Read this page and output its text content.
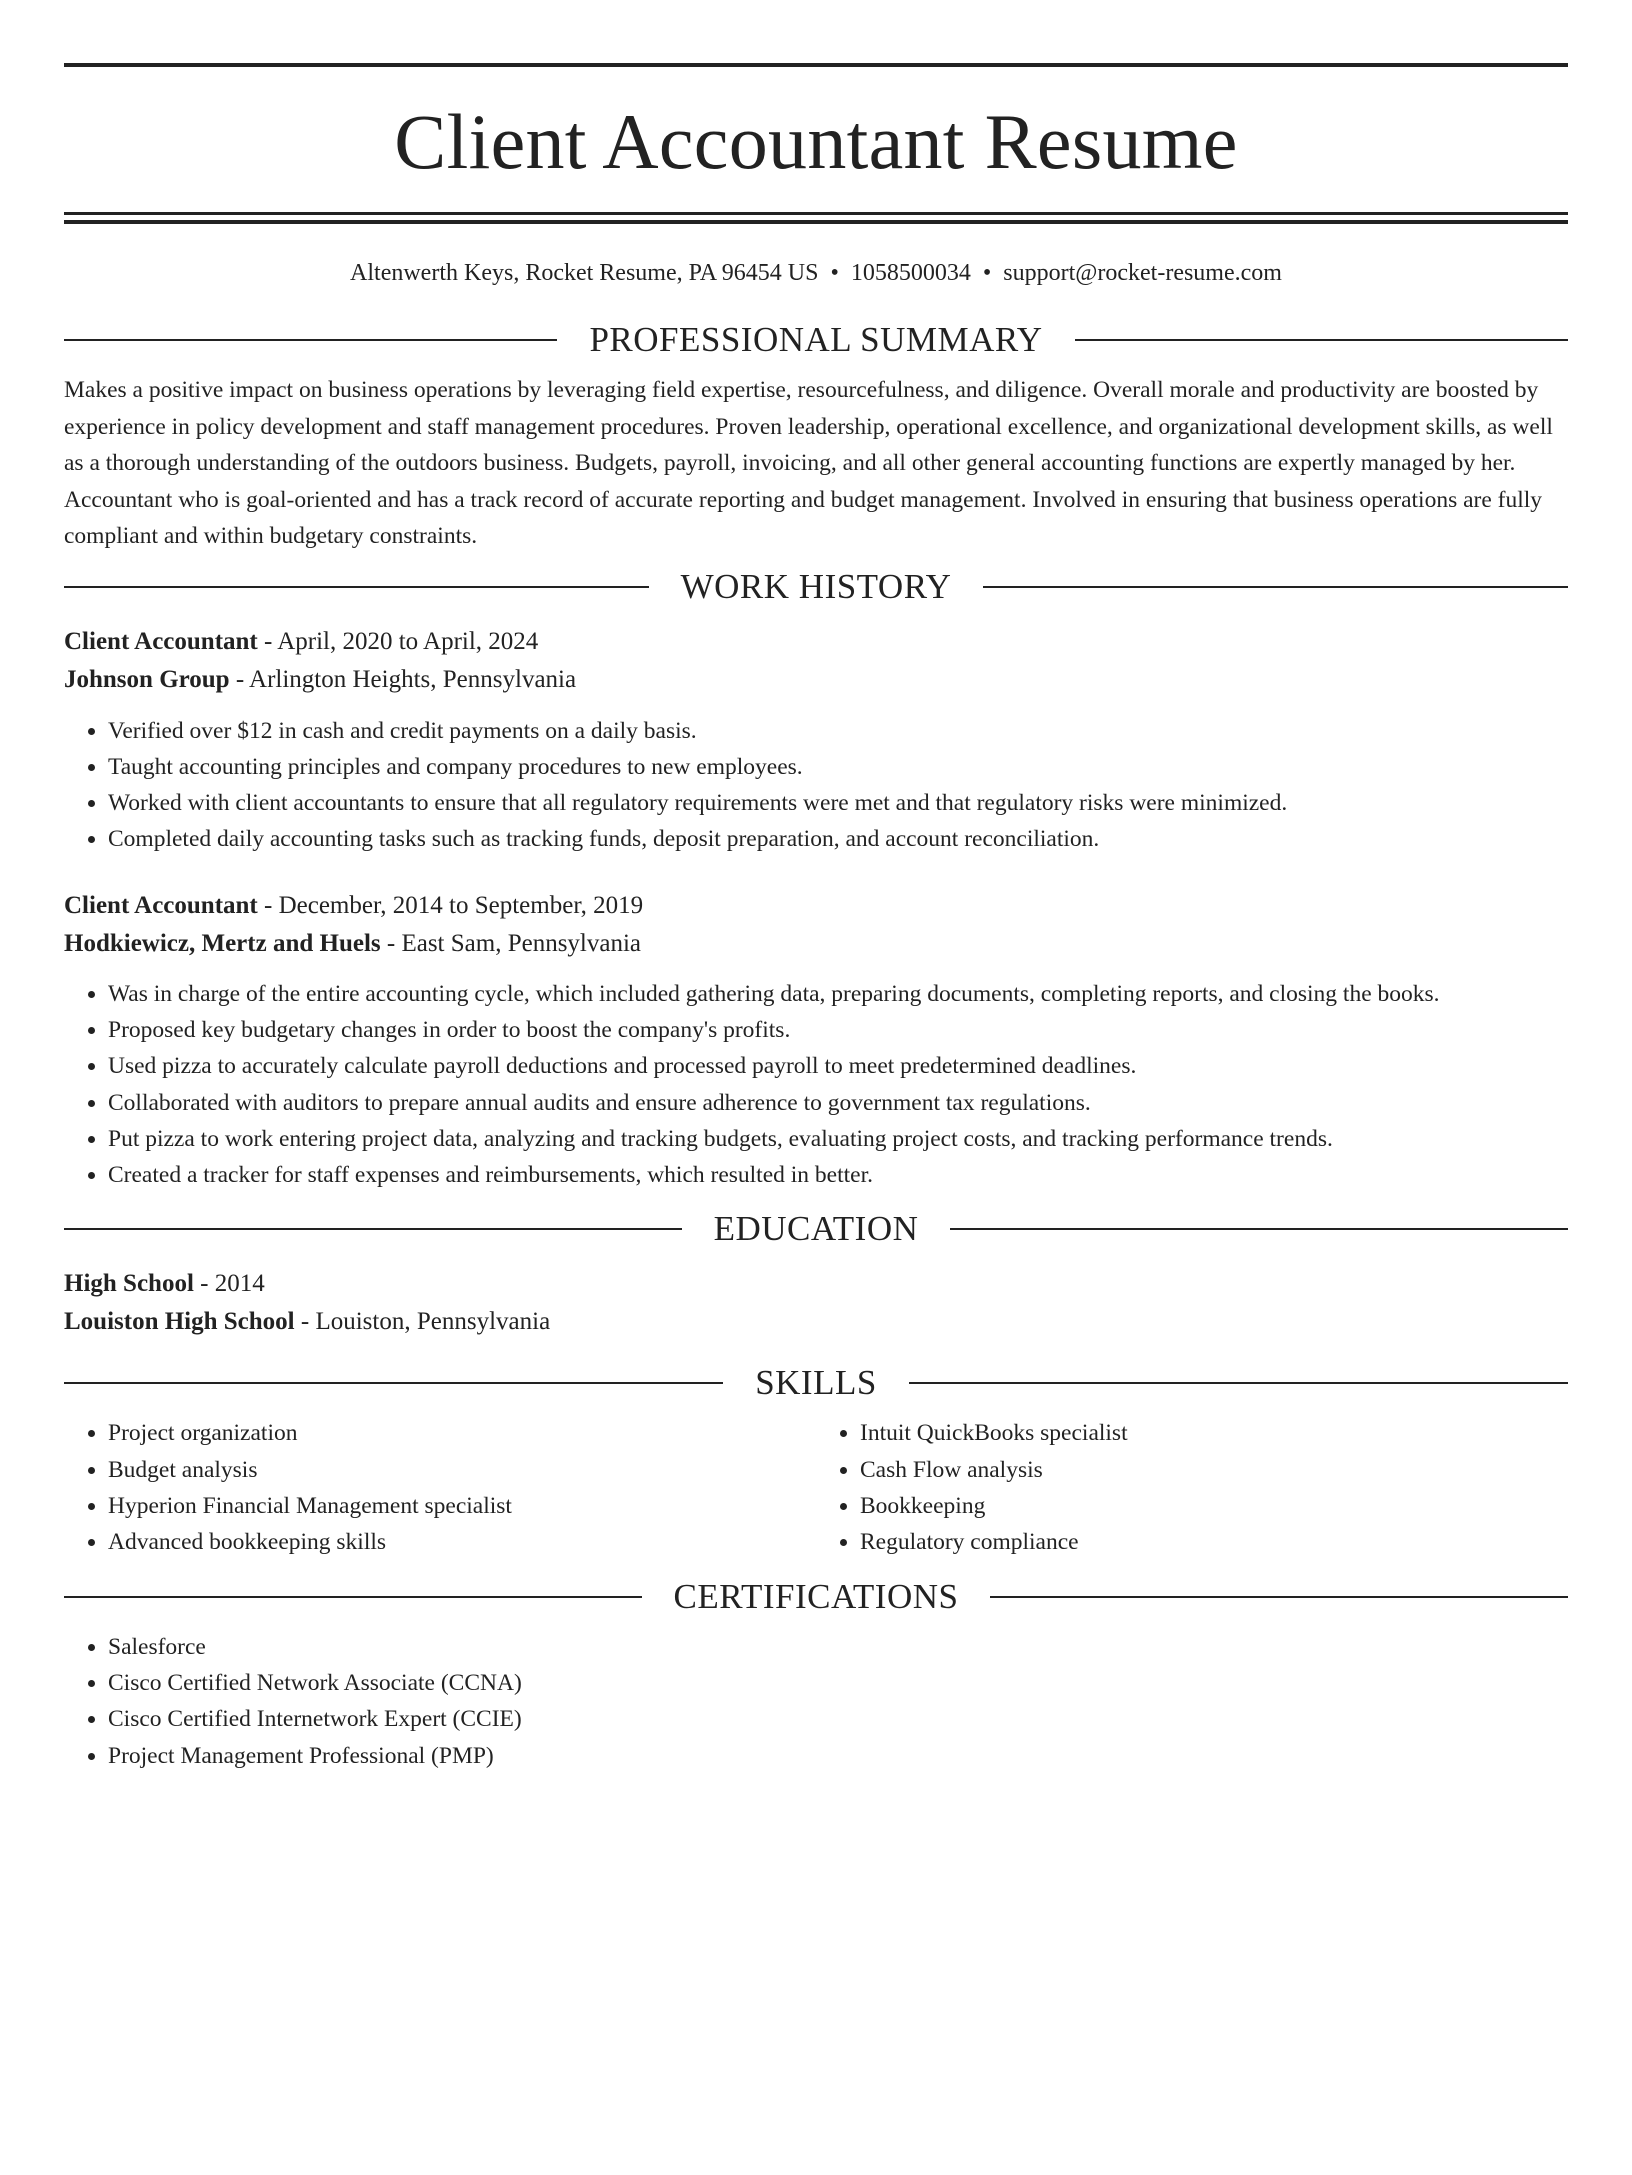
Client Accountant Resume
Altenwerth Keys, Rocket Resume, PA 96454 US • 1058500034 • support@rocket-resume.com
PROFESSIONAL SUMMARY

Makes a positive impact on business operations by leveraging field expertise, resourcefulness, and diligence. Overall morale and productivity are boosted by experience in policy development and staff management procedures. Proven leadership, operational excellence, and organizational development skills, as well as a thorough understanding of the outdoors business. Budgets, payroll, invoicing, and all other general accounting functions are expertly managed by her. Accountant who is goal-oriented and has a track record of accurate reporting and budget management. Involved in ensuring that business operations are fully compliant and within budgetary constraints.

WORK HISTORY
Client Accountant - April, 2020 to April, 2024
Johnson Group - Arlington Heights, Pennsylvania
• Verified over $12 in cash and credit payments on a daily basis.
• Taught accounting principles and company procedures to new employees.
• Worked with client accountants to ensure that all regulatory requirements were met and that regulatory risks were minimized.
• Completed daily accounting tasks such as tracking funds, deposit preparation, and account reconciliation.
Client Accountant - December, 2014 to September, 2019
Hodkiewicz, Mertz and Huels - East Sam, Pennsylvania
• Was in charge of the entire accounting cycle, which included gathering data, preparing documents, completing reports, and closing the books.
• Proposed key budgetary changes in order to boost the company's profits.
• Used pizza to accurately calculate payroll deductions and processed payroll to meet predetermined deadlines.
• Collaborated with auditors to prepare annual audits and ensure adherence to government tax regulations.
• Put pizza to work entering project data, analyzing and tracking budgets, evaluating project costs, and tracking performance trends.
• Created a tracker for staff expenses and reimbursements, which resulted in better.
EDUCATION
High School - 2014
Louiston High School - Louiston, Pennsylvania
SKILLS
• Project organization
• Budget analysis
• Hyperion Financial Management specialist
• Advanced bookkeeping skills
• Intuit QuickBooks specialist
• Cash Flow analysis
• Bookkeeping
• Regulatory compliance
CERTIFICATIONS
• Salesforce
• Cisco Certified Network Associate (CCNA)
• Cisco Certified Internetwork Expert (CCIE)
• Project Management Professional (PMP)
